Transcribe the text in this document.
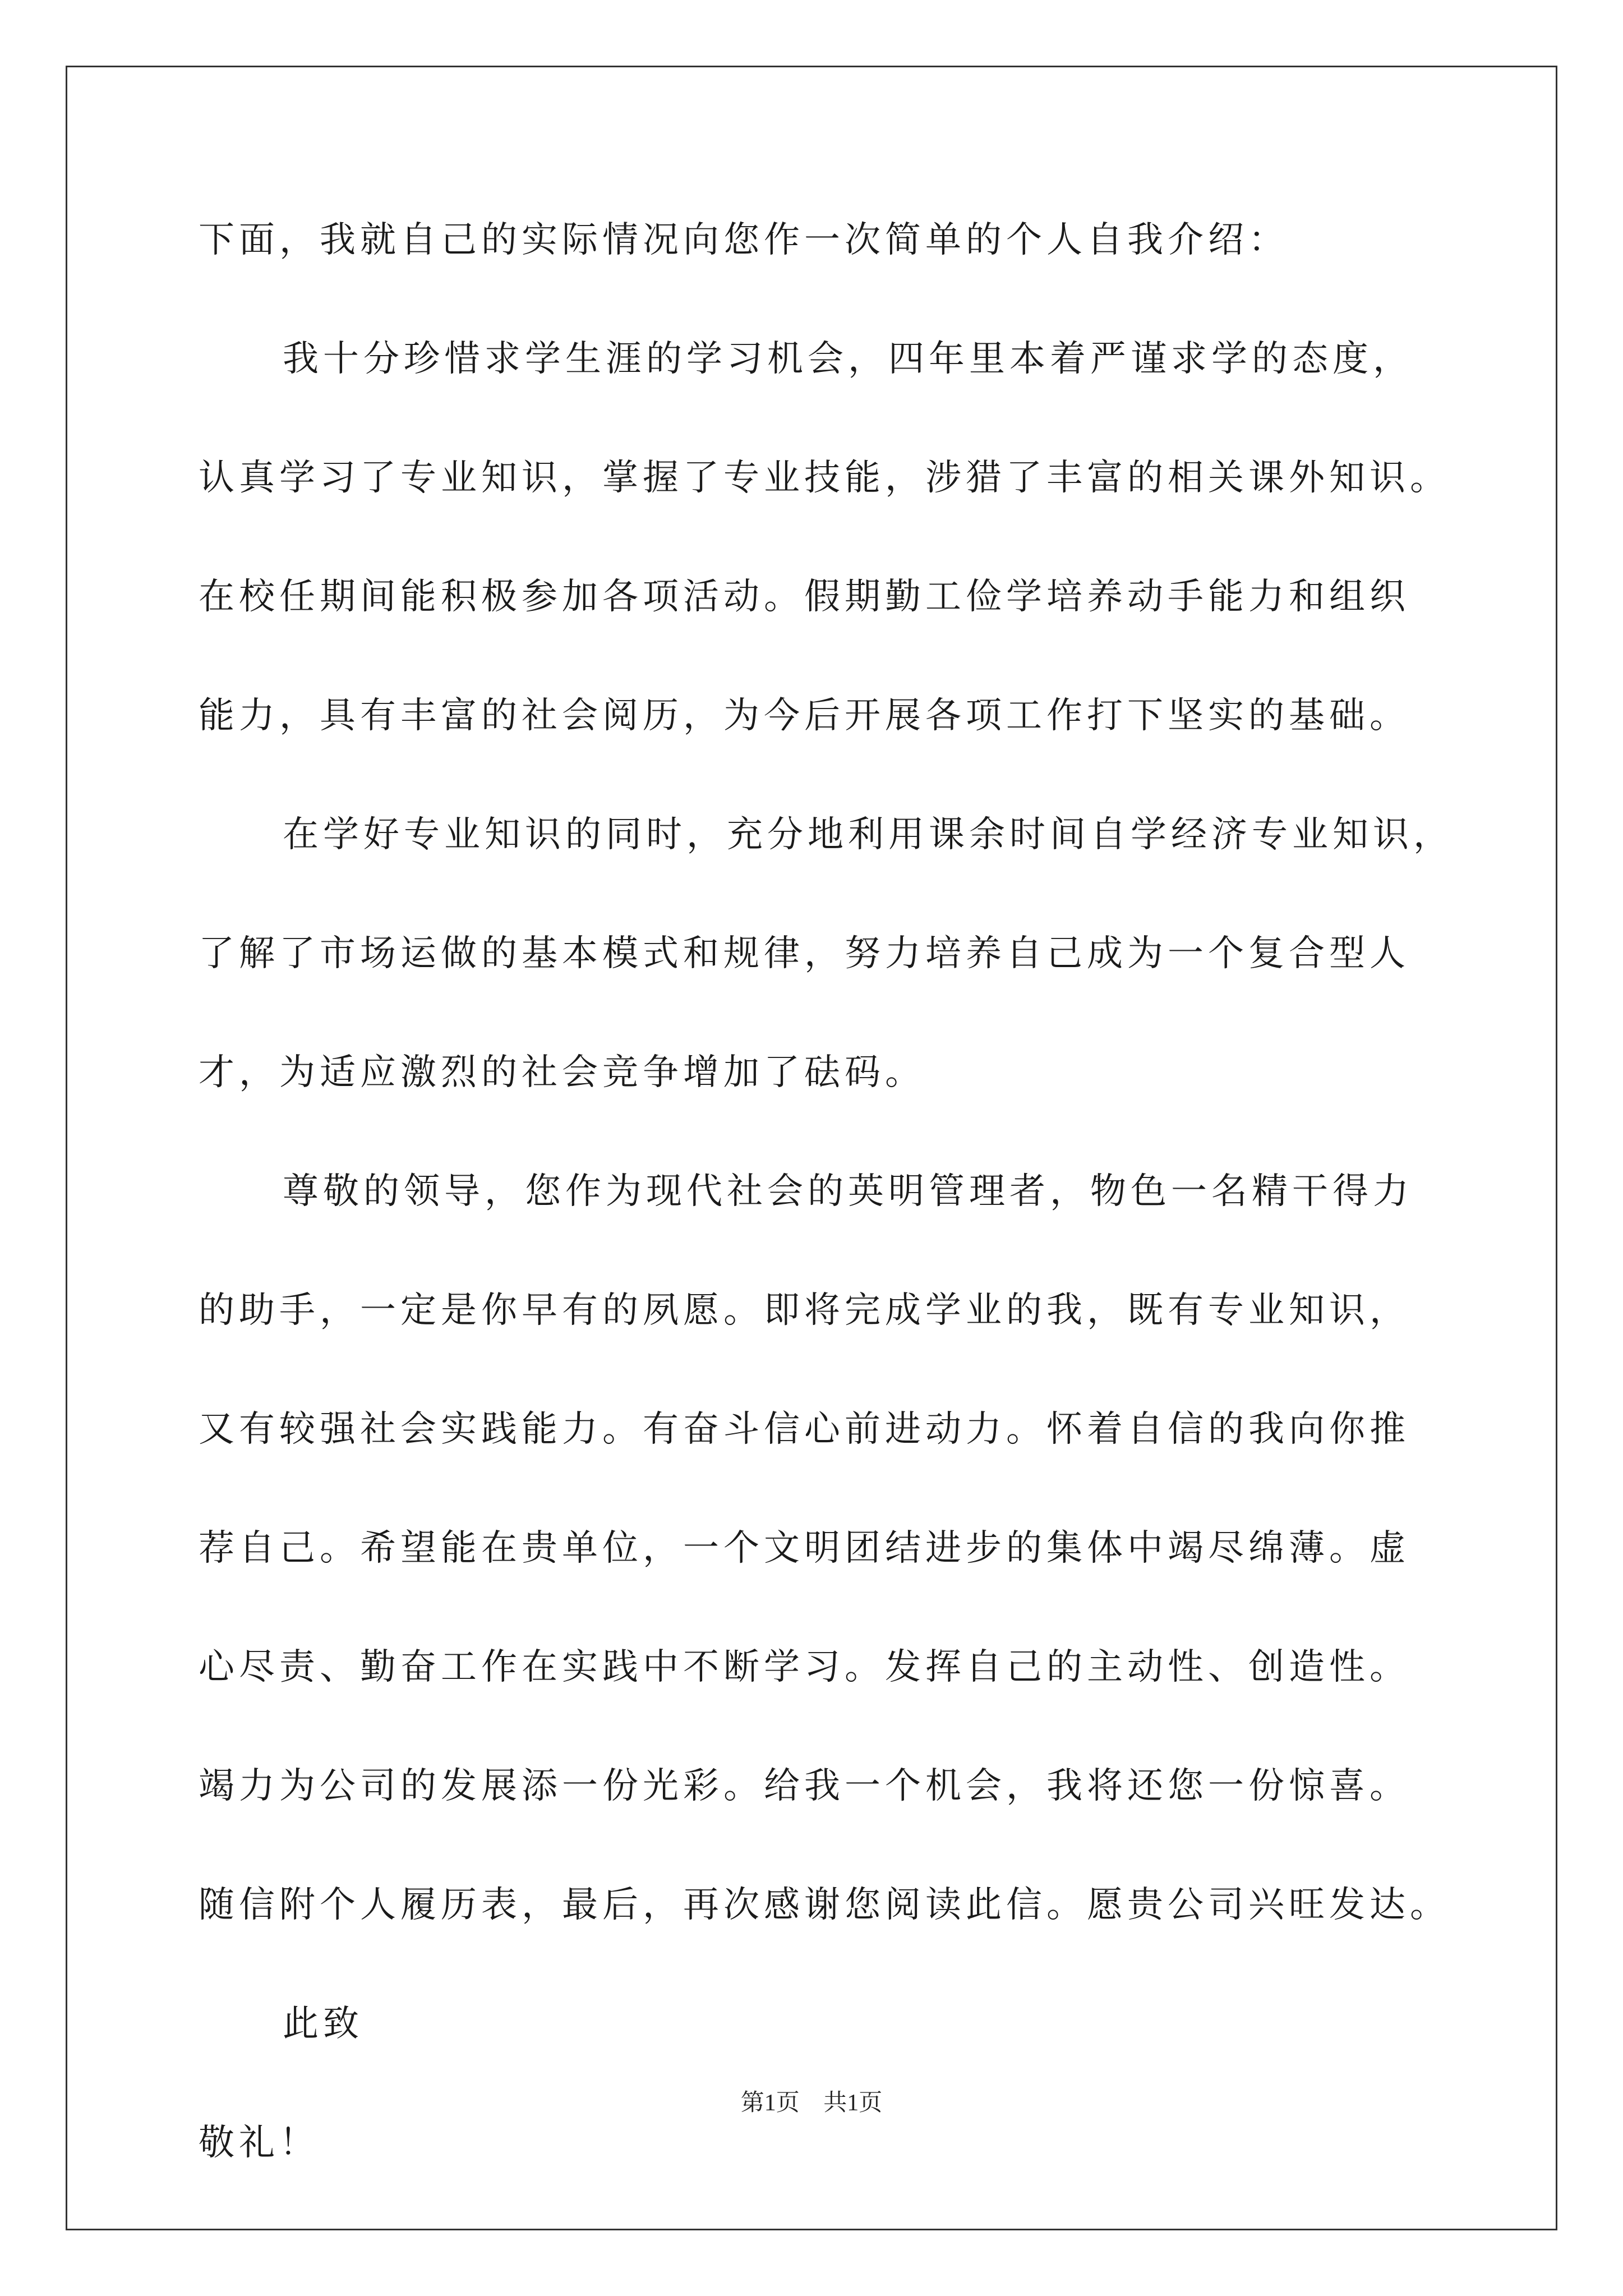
下面，我就自己的实际情况向您作一次简单的个人自我介绍：
我十分珍惜求学生涯的学习机会，四年里本着严谨求学的态度，
认真学习了专业知识，掌握了专业技能，涉猎了丰富的相关课外知识。
在校任期间能积极参加各项活动。假期勤工俭学培养动手能力和组织
能力，具有丰富的社会阅历，为今后开展各项工作打下坚实的基础。
在学好专业知识的同时，充分地利用课余时间自学经济专业知识，
了解了市场运做的基本模式和规律，努力培养自己成为一个复合型人
才，为适应激烈的社会竞争增加了砝码。
尊敬的领导，您作为现代社会的英明管理者，物色一名精干得力
的助手，一定是你早有的夙愿。即将完成学业的我，既有专业知识，
又有较强社会实践能力。有奋斗信心前进动力。怀着自信的我向你推
荐自己。希望能在贵单位，一个文明团结进步的集体中竭尽绵薄。虚
心尽责、勤奋工作在实践中不断学习。发挥自己的主动性、创造性。
竭力为公司的发展添一份光彩。给我一个机会，我将还您一份惊喜。
随信附个人履历表，最后，再次感谢您阅读此信。愿贵公司兴旺发达。
此致
敬礼！
第1页 共1页
